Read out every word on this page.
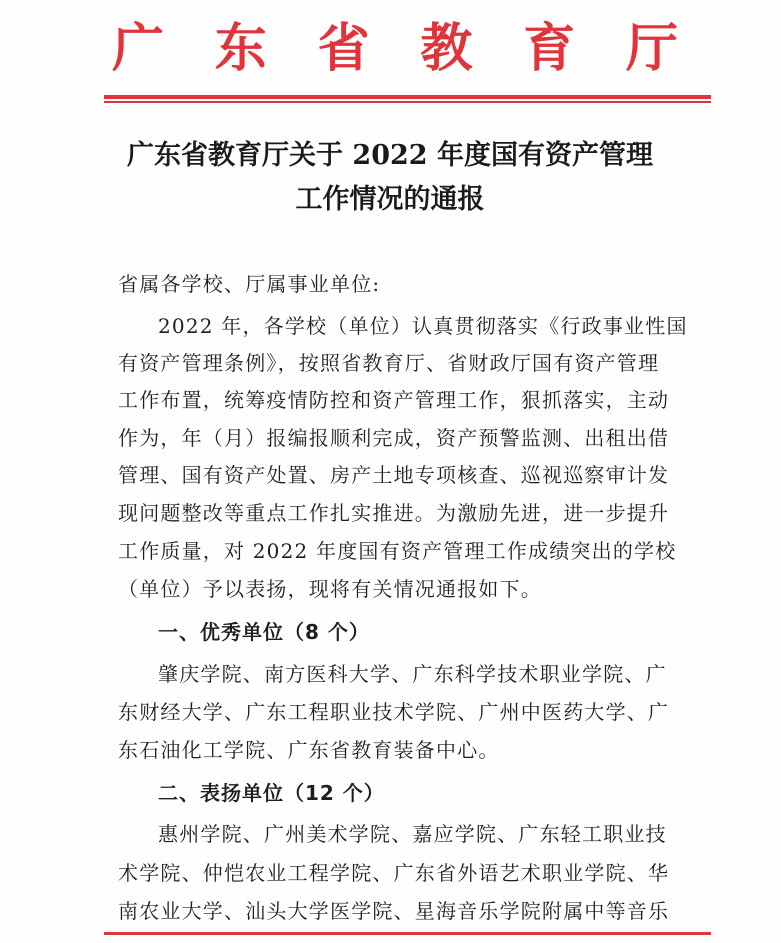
广 东 省 教 育 厅
广东省教育厅关于 2022 年度国有资产管理
工作情况的通报
省属各学校、厅属事业单位:
2022 年，各学校（单位）认真贯彻落实《行政事业性国
有资产管理条例》，按照省教育厅、省财政厅国有资产管理
工作布置，统筹疫情防控和资产管理工作，狠抓落实，主动
作为，年（月）报编报顺利完成，资产预警监测、出租出借
管理、国有资产处置、房产土地专项核查、巡视巡察审计发
现问题整改等重点工作扎实推进。为激励先进，进一步提升
工作质量，对 2022 年度国有资产管理工作成绩突出的学校
（单位）予以表扬，现将有关情况通报如下。
一、优秀单位（8 个）
肇庆学院、南方医科大学、广东科学技术职业学院、广
东财经大学、广东工程职业技术学院、广州中医药大学、广
东石油化工学院、广东省教育装备中心。
二、表扬单位（12 个）
惠州学院、广州美术学院、嘉应学院、广东轻工职业技
术学院、仲恺农业工程学院、广东省外语艺术职业学院、华
南农业大学、汕头大学医学院、星海音乐学院附属中等音乐
